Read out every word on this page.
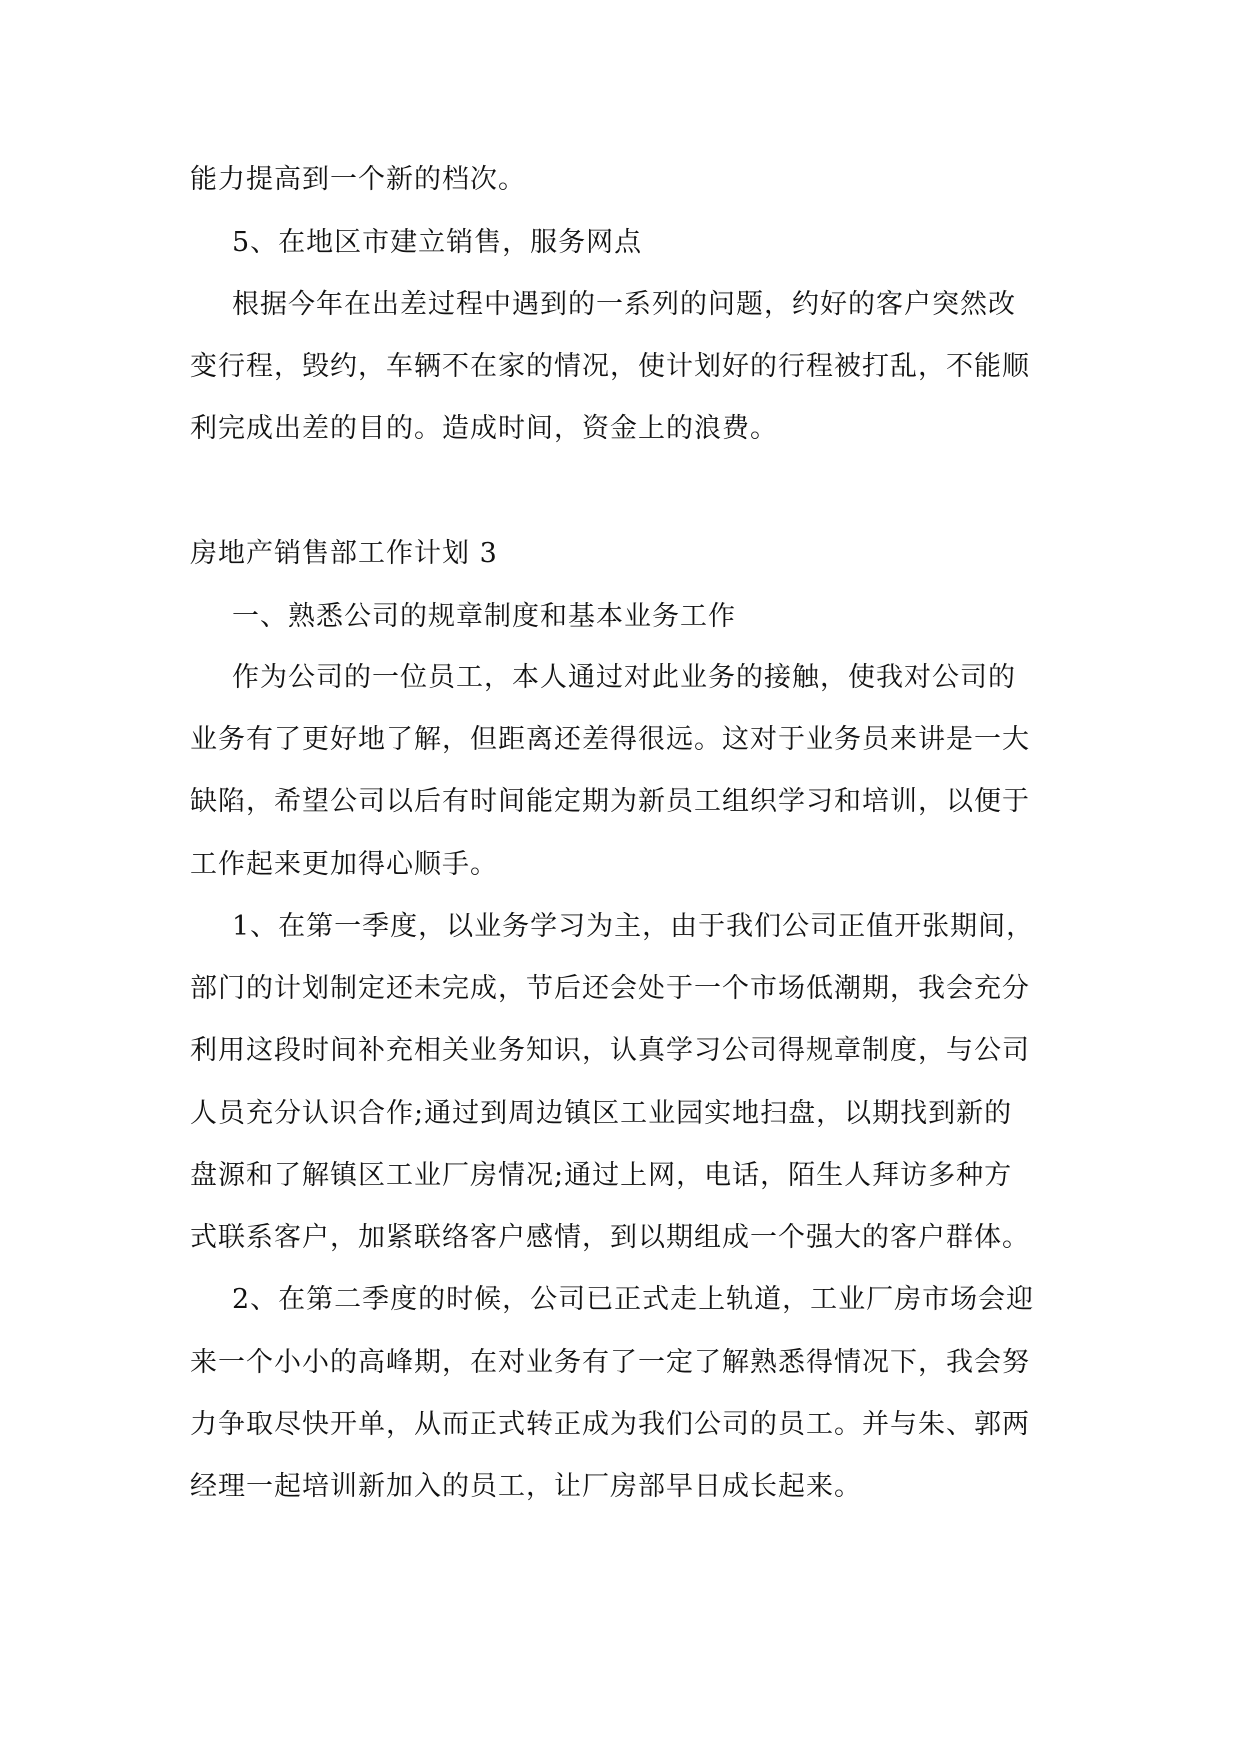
能力提高到一个新的档次。
5、在地区市建立销售，服务网点
根据今年在出差过程中遇到的一系列的问题，约好的客户突然改
变行程，毁约，车辆不在家的情况，使计划好的行程被打乱，不能顺
利完成出差的目的。造成时间，资金上的浪费。
房地产销售部工作计划 3
一、熟悉公司的规章制度和基本业务工作
作为公司的一位员工，本人通过对此业务的接触，使我对公司的
业务有了更好地了解，但距离还差得很远。这对于业务员来讲是一大
缺陷，希望公司以后有时间能定期为新员工组织学习和培训，以便于
工作起来更加得心顺手。
1、在第一季度，以业务学习为主，由于我们公司正值开张期间，
部门的计划制定还未完成，节后还会处于一个市场低潮期，我会充分
利用这段时间补充相关业务知识，认真学习公司得规章制度，与公司
人员充分认识合作;通过到周边镇区工业园实地扫盘，以期找到新的
盘源和了解镇区工业厂房情况;通过上网，电话，陌生人拜访多种方
式联系客户，加紧联络客户感情，到以期组成一个强大的客户群体。
2、在第二季度的时候，公司已正式走上轨道，工业厂房市场会迎
来一个小小的高峰期，在对业务有了一定了解熟悉得情况下，我会努
力争取尽快开单，从而正式转正成为我们公司的员工。并与朱、郭两
经理一起培训新加入的员工，让厂房部早日成长起来。
